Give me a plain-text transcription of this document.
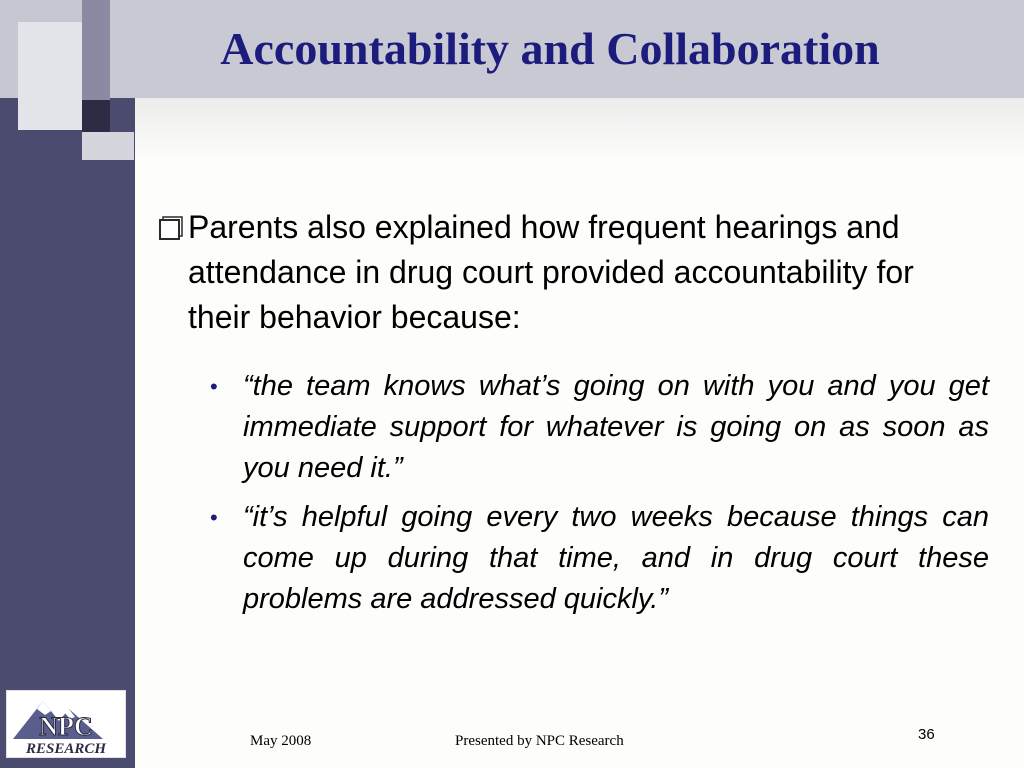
Accountability and Collaboration
Parents also explained how frequent hearings and attendance in drug court provided accountability for their behavior because:
• “the team knows what’s going on with you and you get immediate support for whatever is going on as soon as you need it.”
• “it’s helpful going every two weeks because things can come up during that time, and in drug court these problems are addressed quickly.”
NPC
RESEARCH	May 2008	Presented by NPC Research	36
